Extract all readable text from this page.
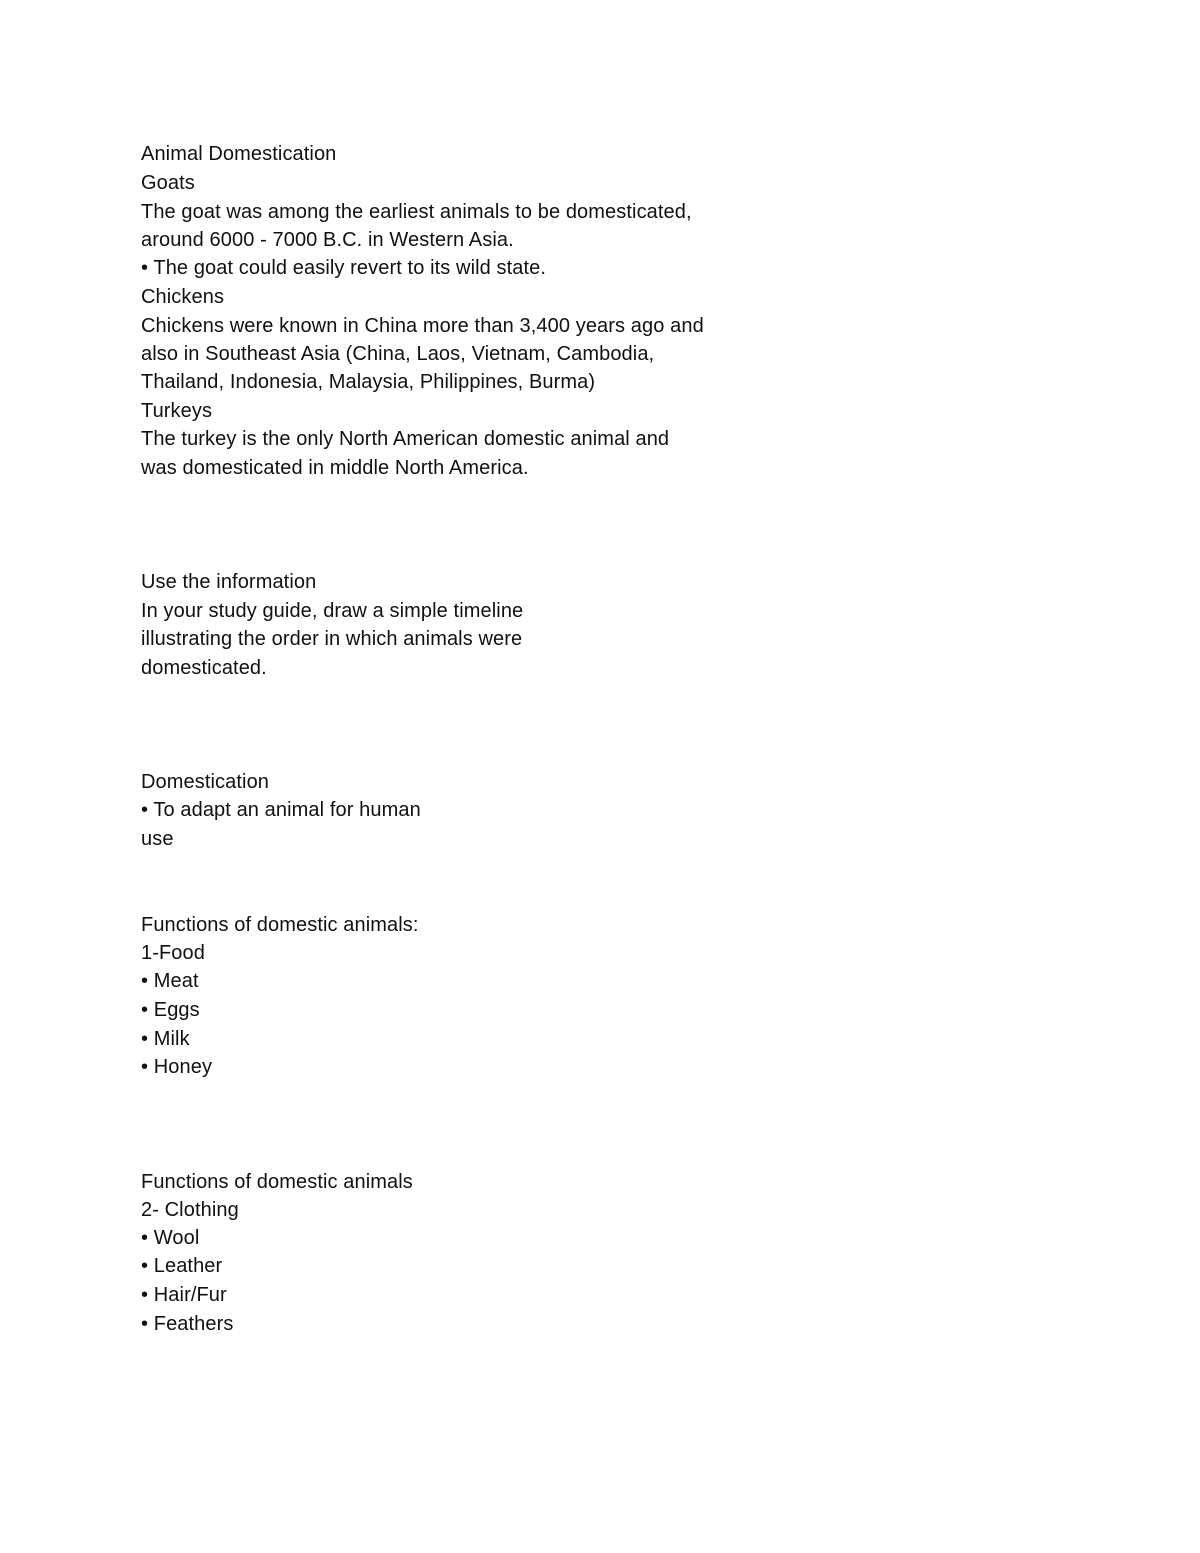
Animal Domestication
Goats
The goat was among the earliest animals to be domesticated,
around 6000 - 7000 B.C. in Western Asia.
• The goat could easily revert to its wild state.
Chickens
Chickens were known in China more than 3,400 years ago and
also in Southeast Asia (China, Laos, Vietnam, Cambodia,
Thailand, Indonesia, Malaysia, Philippines, Burma)
Turkeys
The turkey is the only North American domestic animal and
was domesticated in middle North America.
Use the information
In your study guide, draw a simple timeline
illustrating the order in which animals were
domesticated.
Domestication
• To adapt an animal for human
use
Functions of domestic animals:
1-Food
• Meat
• Eggs
• Milk
• Honey
Functions of domestic animals
2- Clothing
• Wool
• Leather
• Hair/Fur
• Feathers
